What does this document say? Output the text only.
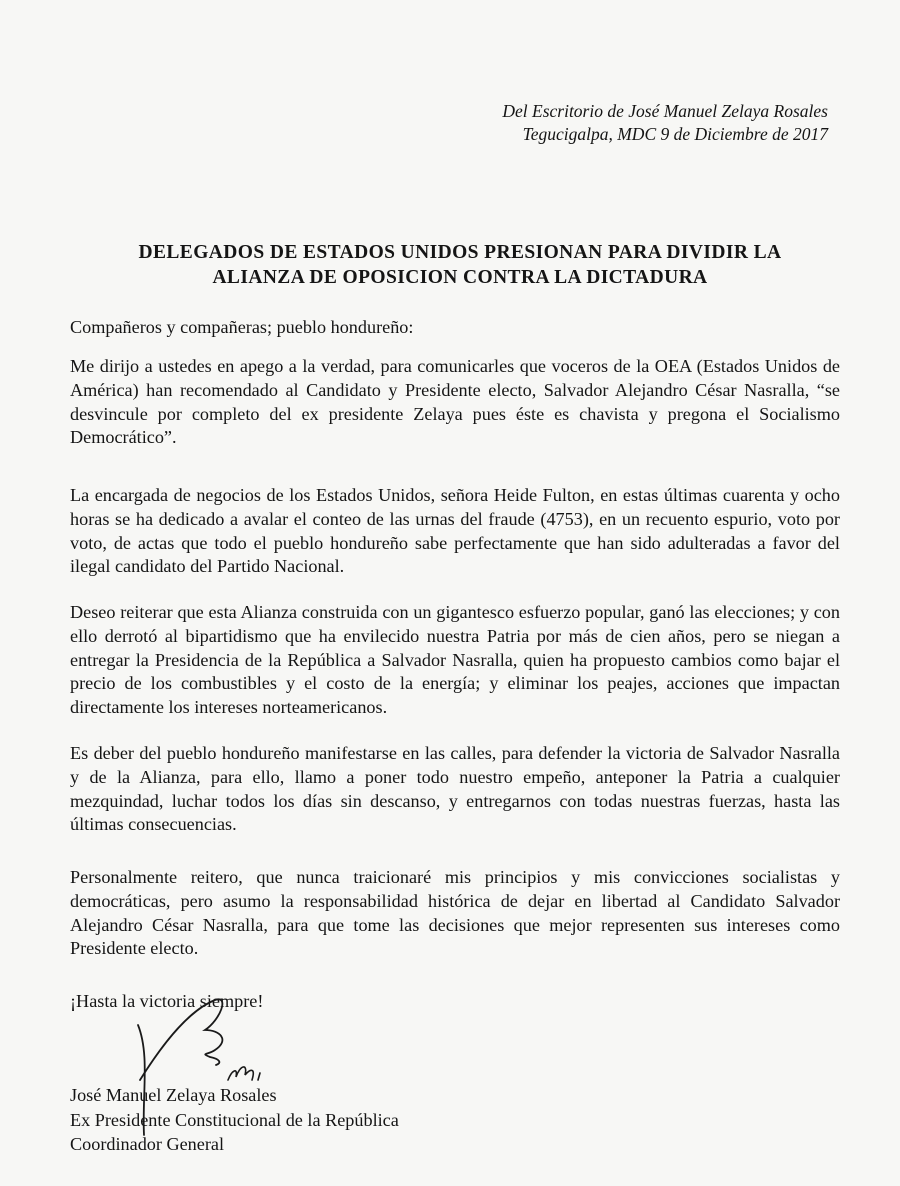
Del Escritorio de José Manuel Zelaya Rosales
Tegucigalpa, MDC 9 de Diciembre de 2017
DELEGADOS DE ESTADOS UNIDOS PRESIONAN PARA DIVIDIR LA
ALIANZA DE OPOSICION CONTRA LA DICTADURA
Compañeros y compañeras; pueblo hondureño:
Me dirijo a ustedes en apego a la verdad, para comunicarles que voceros de la OEA (Estados Unidos de América) han recomendado al Candidato y Presidente electo, Salvador Alejandro César Nasralla, “se desvincule por completo del ex presidente Zelaya pues éste es chavista y pregona el Socialismo Democrático”.
La encargada de negocios de los Estados Unidos, señora Heide Fulton, en estas últimas cuarenta y ocho horas se ha dedicado a avalar el conteo de las urnas del fraude (4753), en un recuento espurio, voto por voto, de actas que todo el pueblo hondureño sabe perfectamente que han sido adulteradas a favor del ilegal candidato del Partido Nacional.
Deseo reiterar que esta Alianza construida con un gigantesco esfuerzo popular, ganó las elecciones; y con ello derrotó al bipartidismo que ha envilecido nuestra Patria por más de cien años, pero se niegan a entregar la Presidencia de la República a Salvador Nasralla, quien ha propuesto cambios como bajar el precio de los combustibles y el costo de la energía; y eliminar los peajes, acciones que impactan directamente los intereses norteamericanos.
Es deber del pueblo hondureño manifestarse en las calles, para defender la victoria de Salvador Nasralla y de la Alianza, para ello, llamo a poner todo nuestro empeño, anteponer la Patria a cualquier mezquindad, luchar todos los días sin descanso, y entregarnos con todas nuestras fuerzas, hasta las últimas consecuencias.
Personalmente reitero, que nunca traicionaré mis principios y mis convicciones socialistas y democráticas, pero asumo la responsabilidad histórica de dejar en libertad al Candidato Salvador Alejandro César Nasralla, para que tome las decisiones que mejor representen sus intereses como Presidente electo.
¡Hasta la victoria siempre!
José Manuel Zelaya Rosales
Ex Presidente Constitucional de la República
Coordinador General
